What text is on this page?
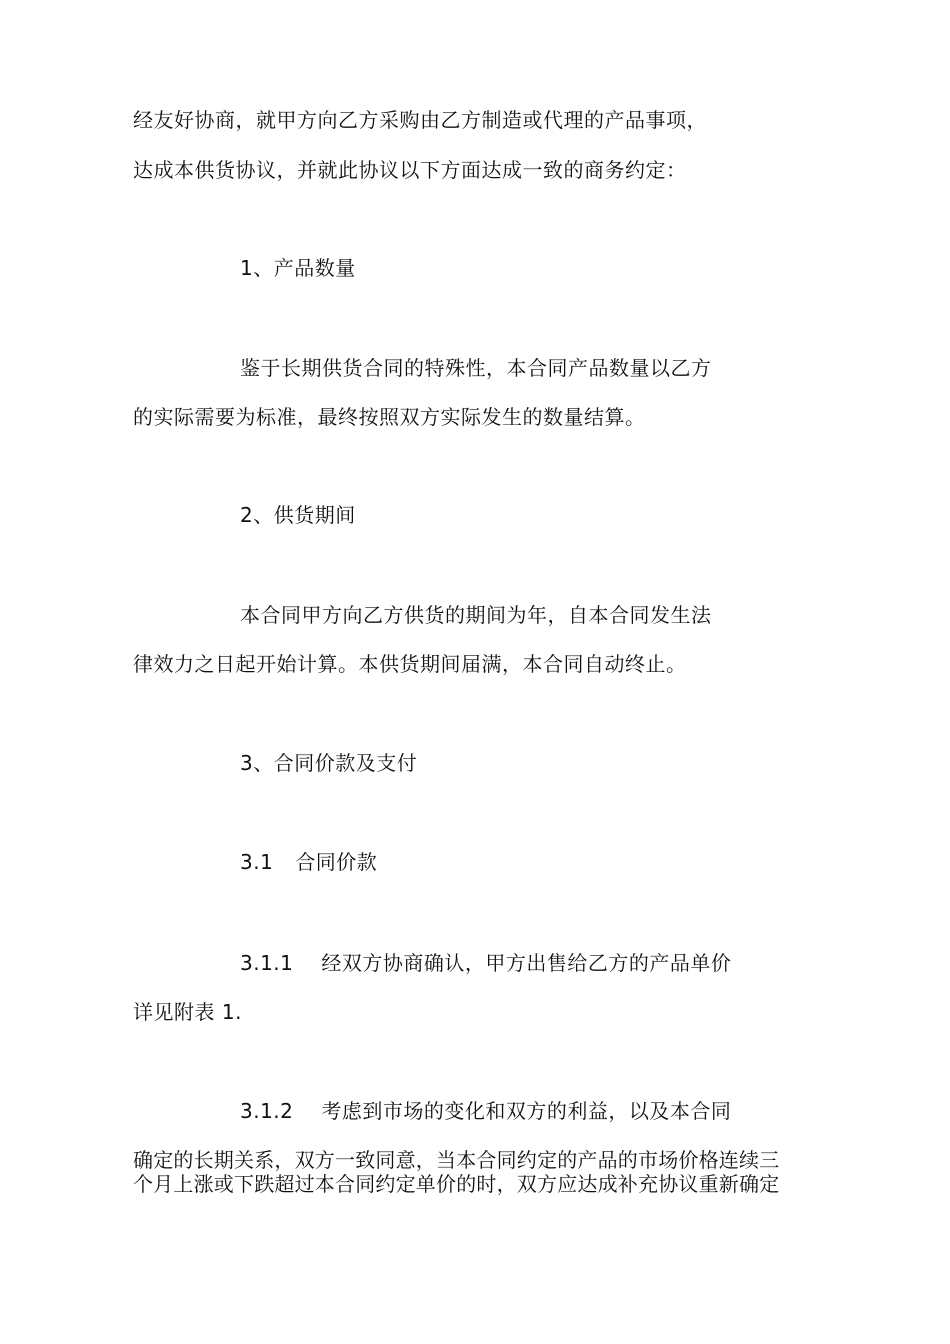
经友好协商，就甲方向乙方采购由乙方制造或代理的产品事项，
达成本供货协议，并就此协议以下方面达成一致的商务约定：
1、产品数量
鉴于长期供货合同的特殊性，本合同产品数量以乙方
的实际需要为标准，最终按照双方实际发生的数量结算。
2、供货期间
本合同甲方向乙方供货的期间为年，自本合同发生法
律效力之日起开始计算。本供货期间届满，本合同自动终止。
3、合同价款及支付
3.1 合同价款
3.1.1 经双方协商确认，甲方出售给乙方的产品单价
详见附表 1.
3.1.2 考虑到市场的变化和双方的利益，以及本合同
确定的长期关系，双方一致同意，当本合同约定的产品的市场价格连续三
个月上涨或下跌超过本合同约定单价的时，双方应达成补充协议重新确定
